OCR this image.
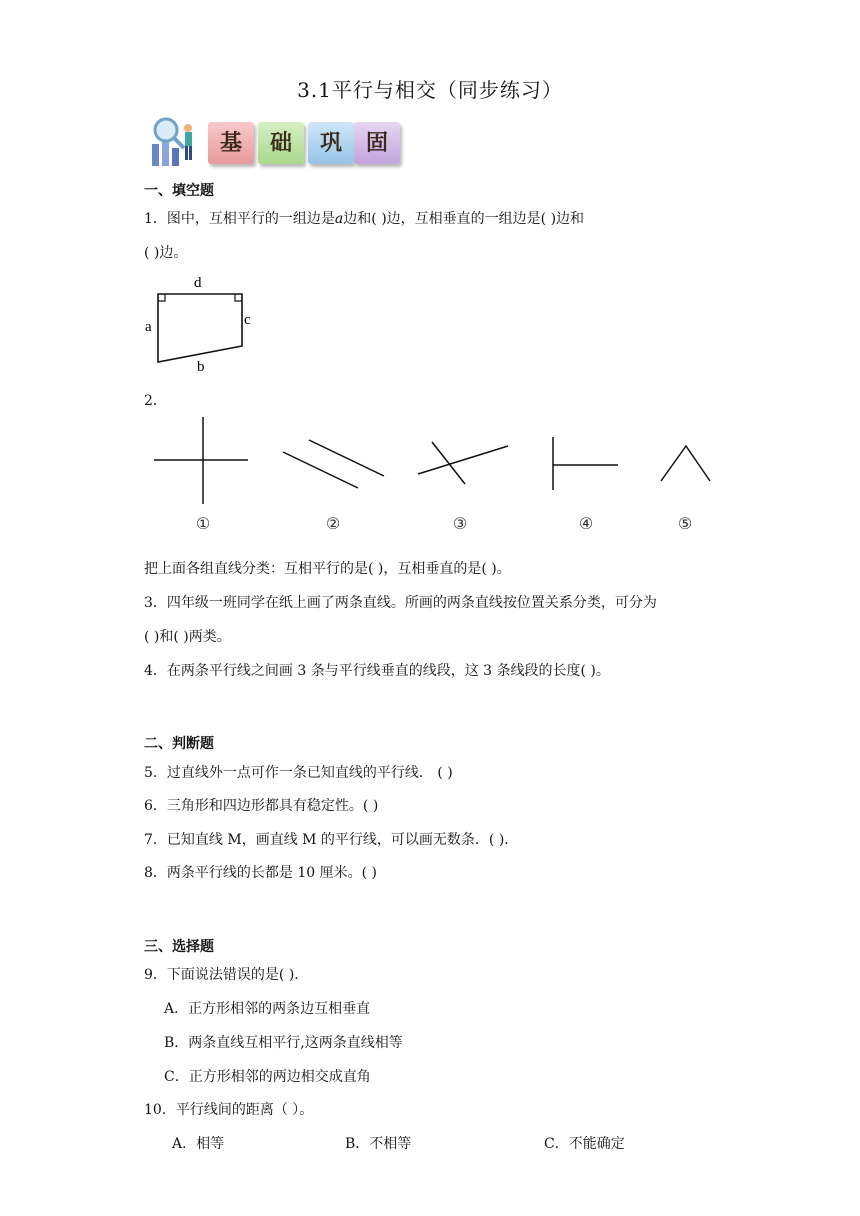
3.1平行与相交（同步练习）
基	础	巩	固
一、填空题
1．图中，互相平行的一组边是a边和( )边，互相垂直的一组边是( )边和
( )边。
d
a	c
b
2．
①	②	③	④	⑤
把上面各组直线分类：互相平行的是( )，互相垂直的是( )。
3．四年级一班同学在纸上画了两条直线。所画的两条直线按位置关系分类，可分为
( )和( )两类。
4．在两条平行线之间画 3 条与平行线垂直的线段，这 3 条线段的长度( )。
二、判断题
5．过直线外一点可作一条已知直线的平行线． ( )
6．三角形和四边形都具有稳定性。( )
7．已知直线 M，画直线 M 的平行线，可以画无数条．( )．
8．两条平行线的长都是 10 厘米。( )
三、选择题
9．下面说法错误的是( )．
A．正方形相邻的两条边互相垂直
B．两条直线互相平行,这两条直线相等
C．正方形相邻的两边相交成直角
10．平行线间的距离（ ）。
A．相等	B．不相等	C．不能确定
